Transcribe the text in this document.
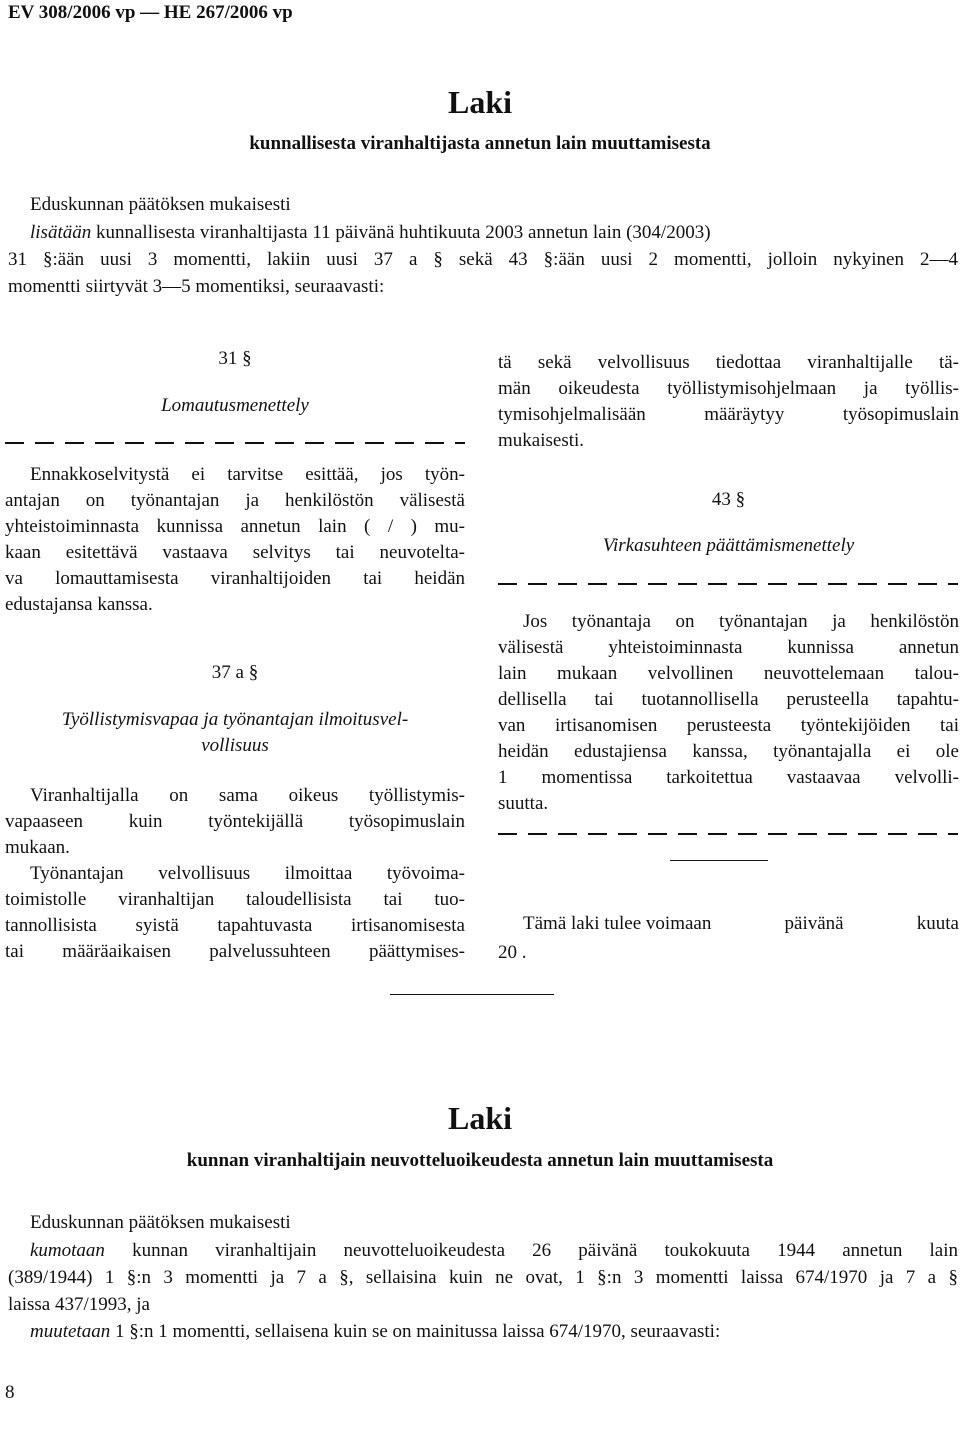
EV 308/2006 vp — HE 267/2006 vp
Laki
kunnallisesta viranhaltijasta annetun lain muuttamisesta
Eduskunnan päätöksen mukaisesti
lisätään kunnallisesta viranhaltijasta 11 päivänä huhtikuuta 2003 annetun lain (304/2003)
31 §:ään uusi 3 momentti, lakiin uusi 37 a § sekä 43 §:ään uusi 2 momentti, jolloin nykyinen 2—4
momentti siirtyvät 3—5 momentiksi, seuraavasti:
31 §
Lomautusmenettely
Ennakkoselvitystä ei tarvitse esittää, jos työn-
antajan on työnantajan ja henkilöstön välisestä
yhteistoiminnasta kunnissa annetun lain ( / ) mu-
kaan esitettävä vastaava selvitys tai neuvotelta-
va lomauttamisesta viranhaltijoiden tai heidän
edustajansa kanssa.
37 a §
Työllistymisvapaa ja työnantajan ilmoitusvel-
vollisuus
Viranhaltijalla on sama oikeus työllistymis-
vapaaseen kuin työntekijällä työsopimuslain
mukaan.
Työnantajan velvollisuus ilmoittaa työvoima-
toimistolle viranhaltijan taloudellisista tai tuo-
tannollisista syistä tapahtuvasta irtisanomisesta
tai määräaikaisen palvelussuhteen päättymises-
tä sekä velvollisuus tiedottaa viranhaltijalle tä-
män oikeudesta työllistymisohjelmaan ja työllis-
tymisohjelmalisään määräytyy työsopimuslain
mukaisesti.
43 §
Virkasuhteen päättämismenettely
Jos työnantaja on työnantajan ja henkilöstön
välisestä yhteistoiminnasta kunnissa annetun
lain mukaan velvollinen neuvottelemaan talou-
dellisella tai tuotannollisella perusteella tapahtu-
van irtisanomisen perusteesta työntekijöiden tai
heidän edustajiensa kanssa, työnantajalla ei ole
1 momentissa tarkoitettua vastaavaa velvolli-
suutta.
Tämä laki tulee voimaan	päivänä	kuuta
20 .
Laki
kunnan viranhaltijain neuvotteluoikeudesta annetun lain muuttamisesta
Eduskunnan päätöksen mukaisesti
kumotaan kunnan viranhaltijain neuvotteluoikeudesta 26 päivänä toukokuuta 1944 annetun lain
(389/1944) 1 §:n 3 momentti ja 7 a §, sellaisina kuin ne ovat, 1 §:n 3 momentti laissa 674/1970 ja 7 a §
laissa 437/1993, ja
muutetaan 1 §:n 1 momentti, sellaisena kuin se on mainitussa laissa 674/1970, seuraavasti:
8
